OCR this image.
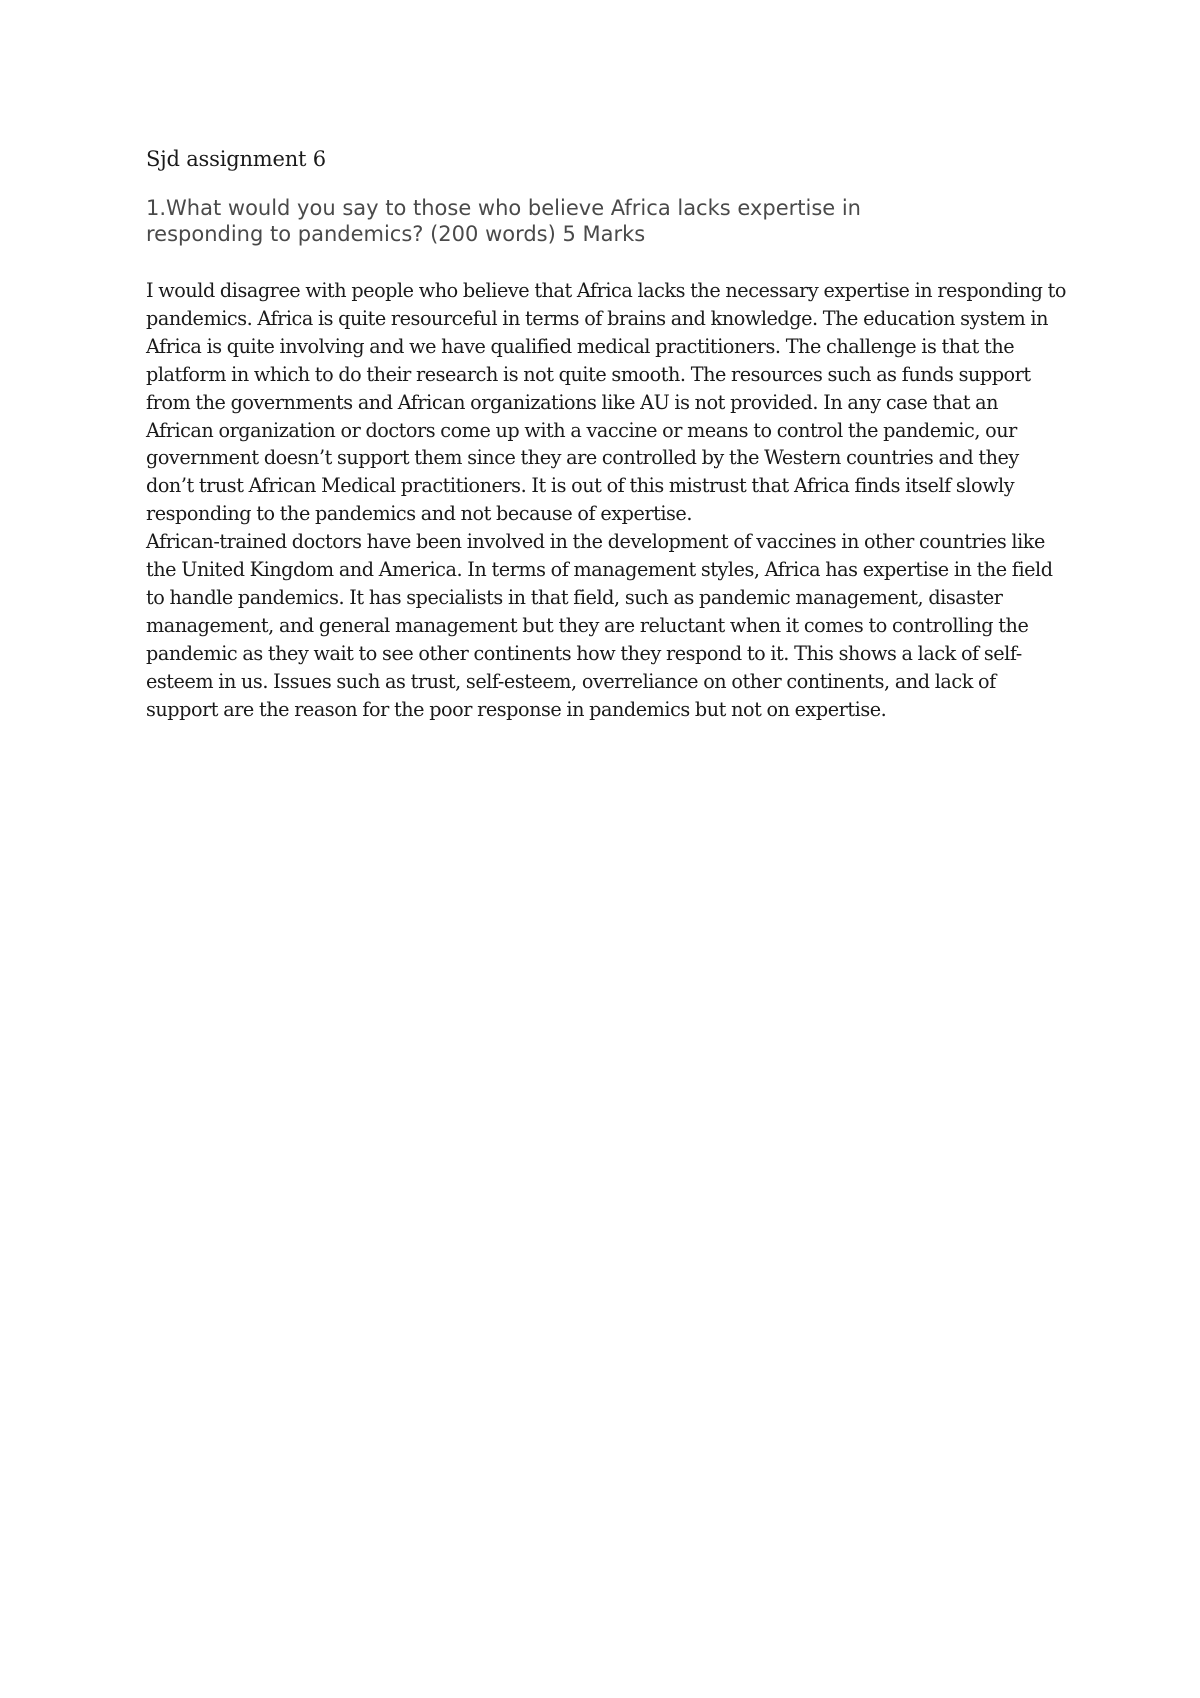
Sjd assignment 6
1.What would you say to those who believe Africa lacks expertise in responding to pandemics? (200 words) 5 Marks

I would disagree with people who believe that Africa lacks the necessary expertise in responding to pandemics. Africa is quite resourceful in terms of brains and knowledge. The education system in Africa is quite involving and we have qualified medical practitioners. The challenge is that the platform in which to do their research is not quite smooth. The resources such as funds support from the governments and African organizations like AU is not provided. In any case that an African organization or doctors come up with a vaccine or means to control the pandemic, our government doesn’t support them since they are controlled by the Western countries and they don’t trust African Medical practitioners. It is out of this mistrust that Africa finds itself slowly responding to the pandemics and not because of expertise.

African-trained doctors have been involved in the development of vaccines in other countries like the United Kingdom and America. In terms of management styles, Africa has expertise in the field to handle pandemics. It has specialists in that field, such as pandemic management, disaster management, and general management but they are reluctant when it comes to controlling the pandemic as they wait to see other continents how they respond to it. This shows a lack of self-esteem in us. Issues such as trust, self-esteem, overreliance on other continents, and lack of support are the reason for the poor response in pandemics but not on expertise.
